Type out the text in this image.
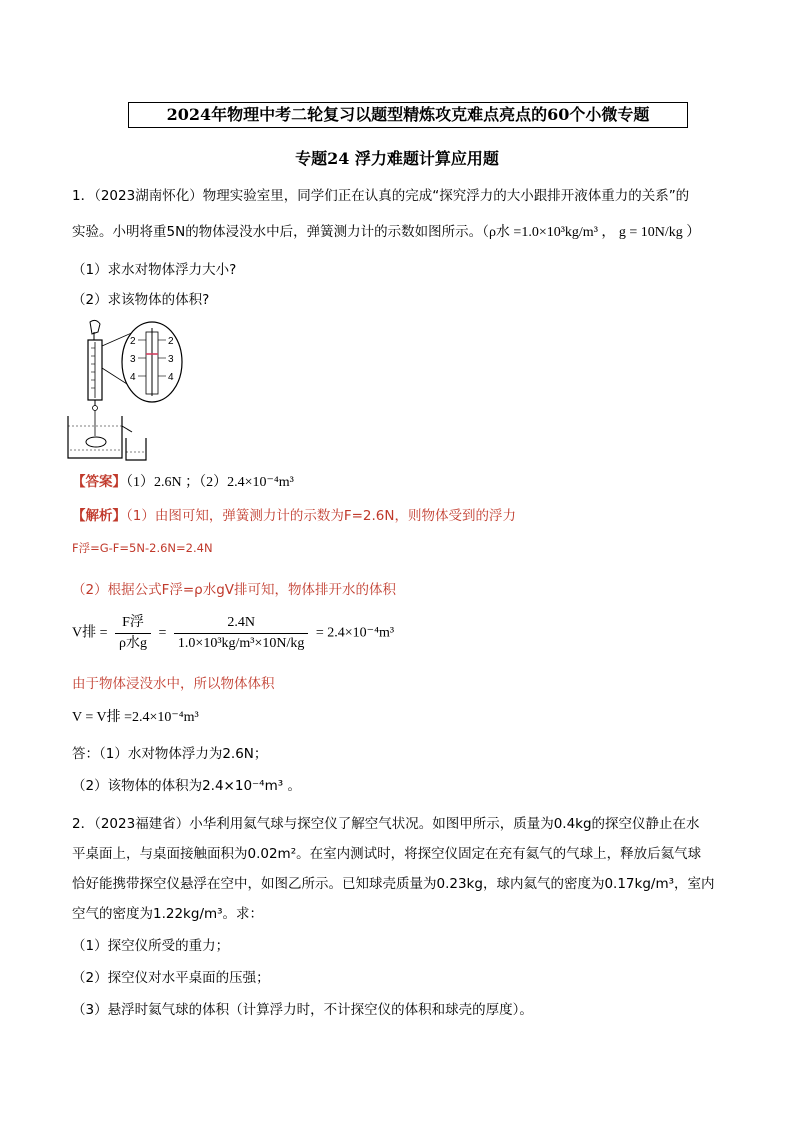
2024年物理中考二轮复习以题型精炼攻克难点亮点的60个小微专题
专题24 浮力难题计算应用题
1．（2023湖南怀化）物理实验室里，同学们正在认真的完成“探究浮力的大小跟排开液体重力的关系”的
实验。小明将重5N的物体浸没水中后，弹簧测力计的示数如图所示。（ρ水 =1.0×10³kg/m³ ， g = 10N/kg ）
（1）求水对物体浮力大小?
（2）求该物体的体积?
2
3
4
2
3
4
【答案】（1）2.6N ；（2）2.4×10⁻⁴m³
【解析】（1）由图可知，弹簧测力计的示数为F=2.6N，则物体受到的浮力
F浮=G-F=5N-2.6N=2.4N
（2）根据公式F浮=ρ水gV排可知，物体排开水的体积
V排 = $\frac{\text{F浮}}{\text{ρ水g}} = \frac{2.4N}{\text{1.0×10³kg/m³×10N/kg}} = 2.4\times 10^{-4}m^3$
由于物体浸没水中，所以物体体积
V = V排 =2.4×10⁻⁴m³
答：（1）水对物体浮力为2.6N；
（2）该物体的体积为2.4×10⁻⁴m³ 。
2．（2023福建省）小华利用氦气球与探空仪了解空气状况。如图甲所示，质量为0.4kg的探空仪静止在水
平桌面上，与桌面接触面积为0.02m²。在室内测试时，将探空仪固定在充有氦气的气球上，释放后氦气球
恰好能携带探空仪悬浮在空中，如图乙所示。已知球壳质量为0.23kg，球内氦气的密度为0.17kg/m³，室内
空气的密度为1.22kg/m³。求：
（1）探空仪所受的重力；
（2）探空仪对水平桌面的压强；
（3）悬浮时氦气球的体积（计算浮力时，不计探空仪的体积和球壳的厚度）。
